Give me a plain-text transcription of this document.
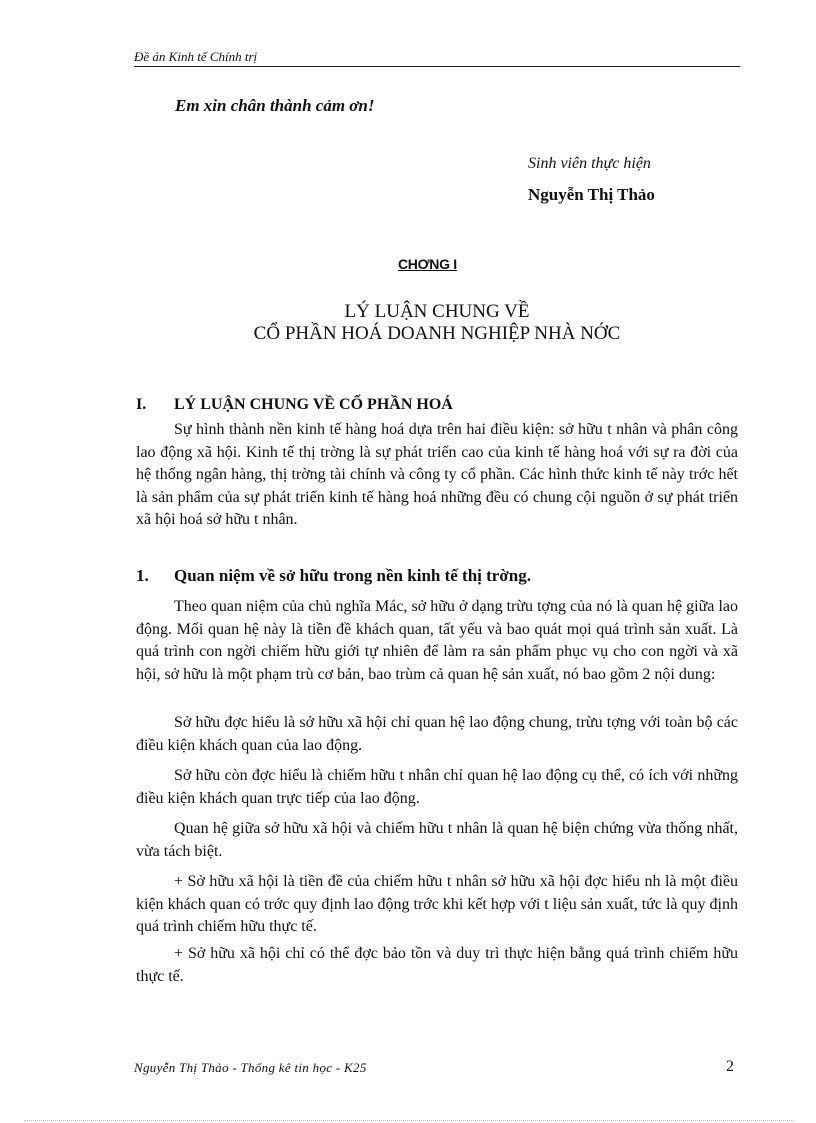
Đề án Kinh tế Chính trị
Em xin chân thành cảm ơn!
Sinh viên thực hiện
Nguyễn Thị Thảo
CHƠNG I
LÝ LUẬN CHUNG VỀ
CỔ PHẦN HOÁ DOANH NGHIỆP NHÀ NỚC
I. LÝ LUẬN CHUNG VỀ CỔ PHẦN HOÁ

Sự hình thành nền kinh tế hàng hoá dựa trên hai điều kiện: sở hữu t nhân và phân công lao động xã hội. Kinh tế thị trờng là sự phát triển cao của kinh tế hàng hoá với sự ra đời của hệ thống ngân hàng, thị trờng tài chính và công ty cổ phần. Các hình thức kinh tế này trớc hết là sản phẩm của sự phát triển kinh tế hàng hoá những đều có chung cội nguồn ở sự phát triển xã hội hoá sở hữu t nhân.

1. Quan niệm về sở hữu trong nền kinh tế thị trờng.

Theo quan niệm của chủ nghĩa Mác, sở hữu ở dạng trừu tợng của nó là quan hệ giữa lao động. Mối quan hệ này là tiền đề khách quan, tất yếu và bao quát mọi quá trình sản xuất. Là quá trình con ngời chiếm hữu giới tự nhiên để làm ra sản phẩm phục vụ cho con ngời và xã hội, sở hữu là một phạm trù cơ bản, bao trùm cả quan hệ sản xuất, nó bao gồm 2 nội dung:

Sở hữu đợc hiểu là sở hữu xã hội chỉ quan hệ lao động chung, trừu tợng với toàn bộ các điều kiện khách quan của lao động.

Sở hữu còn đợc hiểu là chiếm hữu t nhân chỉ quan hệ lao động cụ thể, có ích với những điều kiện khách quan trực tiếp của lao động.

Quan hệ giữa sở hữu xã hội và chiếm hữu t nhân là quan hệ biện chứng vừa thống nhất, vừa tách biệt.

+ Sở hữu xã hội là tiền đề của chiếm hữu t nhân sở hữu xã hội đợc hiểu nh là một điều kiện khách quan có trớc quy định lao động trớc khi kết hợp với t liệu sản xuất, tức là quy định quá trình chiếm hữu thực tế.

+ Sở hữu xã hội chỉ có thể đợc bảo tồn và duy trì thực hiện bằng quá trình chiếm hữu thực tế.

Nguyễn Thị Thảo - Thống kê tin học - K25	2
